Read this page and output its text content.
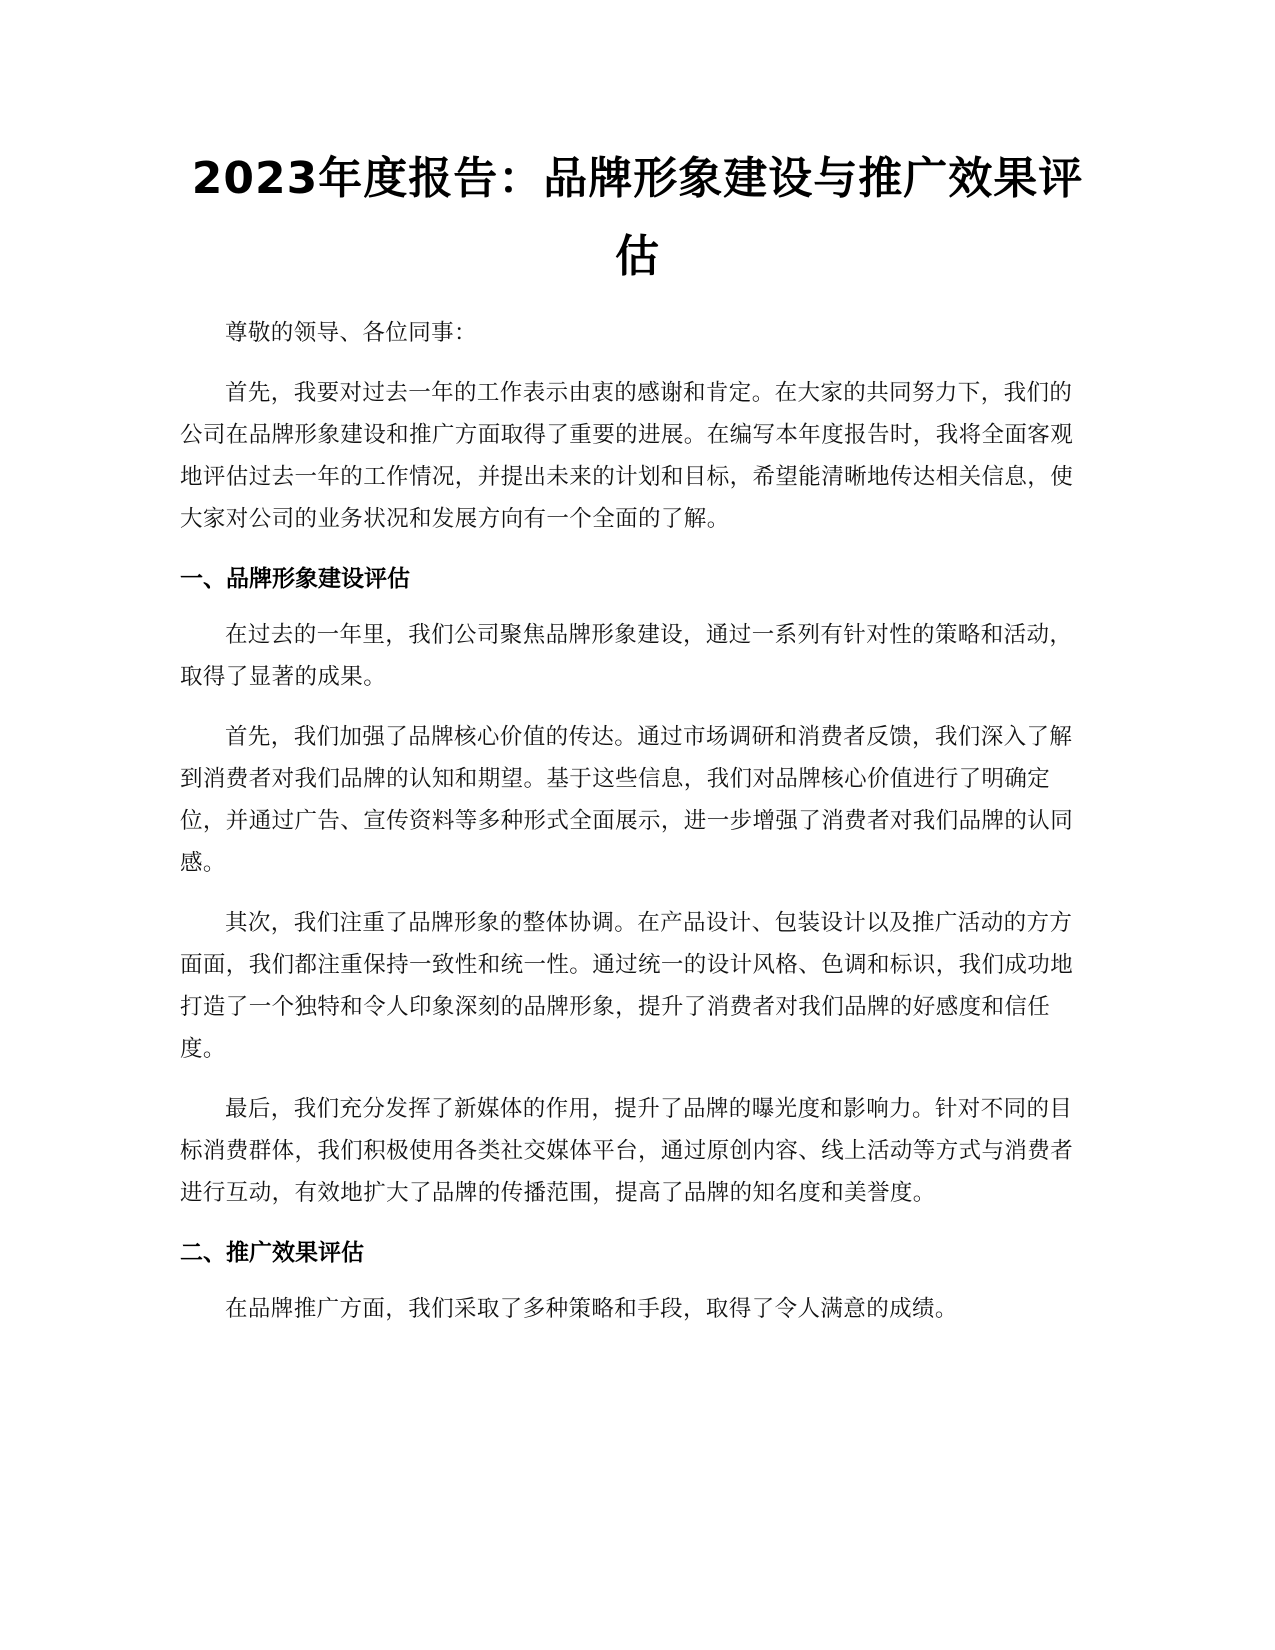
2023年度报告：品牌形象建设与推广效果评估

尊敬的领导、各位同事：

首先，我要对过去一年的工作表示由衷的感谢和肯定。在大家的共同努力下，我们的公司在品牌形象建设和推广方面取得了重要的进展。在编写本年度报告时，我将全面客观地评估过去一年的工作情况，并提出未来的计划和目标，希望能清晰地传达相关信息，使大家对公司的业务状况和发展方向有一个全面的了解。

一、品牌形象建设评估

在过去的一年里，我们公司聚焦品牌形象建设，通过一系列有针对性的策略和活动，取得了显著的成果。

首先，我们加强了品牌核心价值的传达。通过市场调研和消费者反馈，我们深入了解到消费者对我们品牌的认知和期望。基于这些信息，我们对品牌核心价值进行了明确定位，并通过广告、宣传资料等多种形式全面展示，进一步增强了消费者对我们品牌的认同感。

其次，我们注重了品牌形象的整体协调。在产品设计、包装设计以及推广活动的方方面面，我们都注重保持一致性和统一性。通过统一的设计风格、色调和标识，我们成功地打造了一个独特和令人印象深刻的品牌形象，提升了消费者对我们品牌的好感度和信任度。

最后，我们充分发挥了新媒体的作用，提升了品牌的曝光度和影响力。针对不同的目标消费群体，我们积极使用各类社交媒体平台，通过原创内容、线上活动等方式与消费者进行互动，有效地扩大了品牌的传播范围，提高了品牌的知名度和美誉度。

二、推广效果评估

在品牌推广方面，我们采取了多种策略和手段，取得了令人满意的成绩。
